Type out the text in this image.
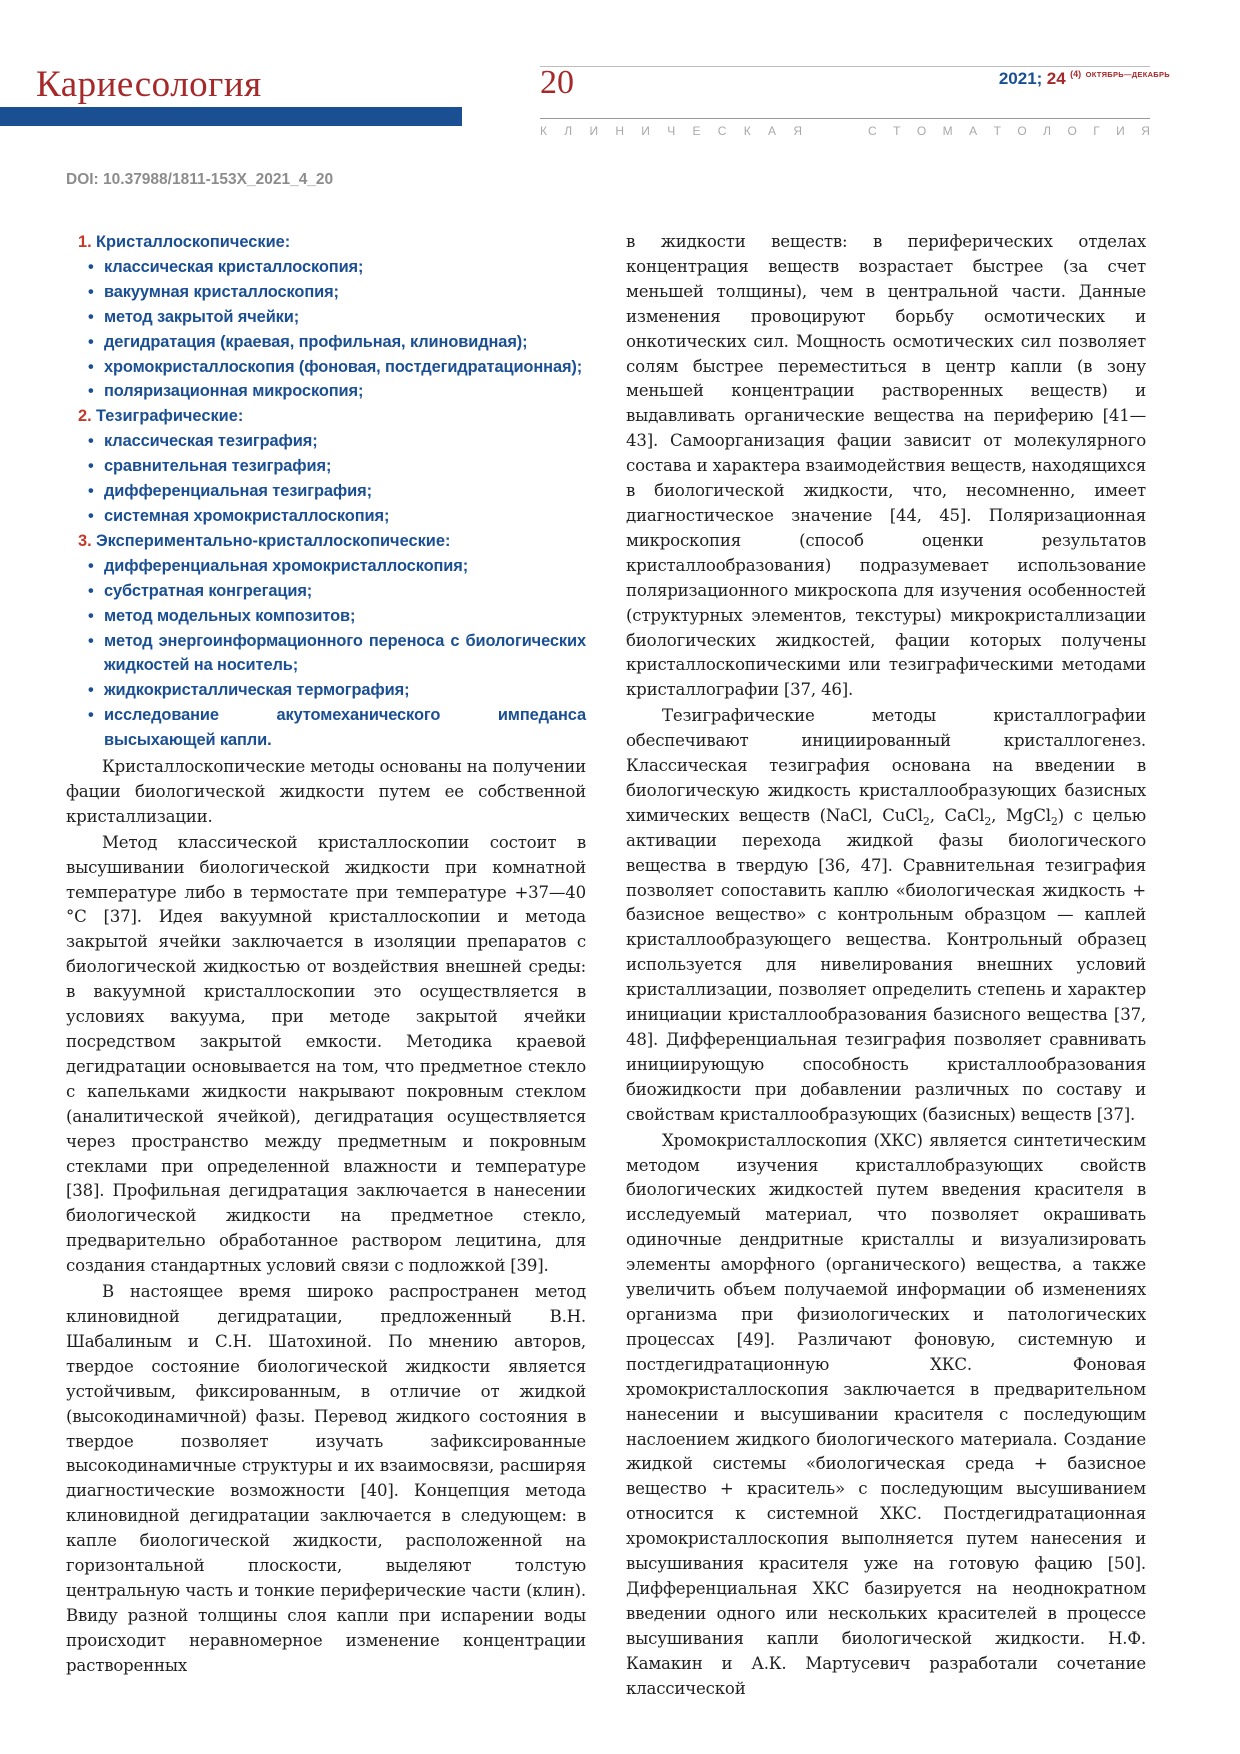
Кариесология	20	2021; 24 $^{(4)}$ $^{ОКТЯБРЬ—ДЕКАБРЬ}$
К Л И Н И Ч Е С К А Я	С Т О М А Т О Л О Г И Я
DOI: 10.37988/1811-153X_2021_4_20
1. Кристаллоскопические:
• классическая кристаллоскопия;
• вакуумная кристаллоскопия;
• метод закрытой ячейки;
• дегидратация (краевая, профильная, клиновидная);
• хромокристаллоскопия (фоновая, постдегидратационная);
• поляризационная микроскопия;
2. Тезиграфические:
• классическая тезиграфия;
• сравнительная тезиграфия;
• дифференциальная тезиграфия;
• системная хромокристаллоскопия;
3. Экспериментально-кристаллоскопические:
• дифференциальная хромокристаллоскопия;
• субстратная конгрегация;
• метод модельных композитов;
• метод энергоинформационного переноса с биологических жидкостей на носитель;
• жидкокристаллическая термография;
• исследование акутомеханического импеданса высыхающей капли.

Кристаллоскопические методы основаны на получении фации биологической жидкости путем ее собственной кристаллизации.

Метод классической кристаллоскопии состоит в высушивании биологической жидкости при комнатной температуре либо в термостате при температуре +37—40 °C [37]. Идея вакуумной кристаллоскопии и метода закрытой ячейки заключается в изоляции препаратов с биологической жидкостью от воздействия внешней среды: в вакуумной кристаллоскопии это осуществляется в условиях вакуума, при методе закрытой ячейки посредством закрытой емкости. Методика краевой дегидратации основывается на том, что предметное стекло с капельками жидкости накрывают покровным стеклом (аналитической ячейкой), дегидратация осуществляется через пространство между предметным и покровным стеклами при определенной влажности и температуре [38]. Профильная дегидратация заключается в нанесении биологической жидкости на предметное стекло, предварительно обработанное раствором лецитина, для создания стандартных условий связи с подложкой [39].

В настоящее время широко распространен метод клиновидной дегидратации, предложенный В.Н. Шабалиным и С.Н. Шатохиной. По мнению авторов, твердое состояние биологической жидкости является устойчивым, фиксированным, в отличие от жидкой (высокодинамичной) фазы. Перевод жидкого состояния в твердое позволяет изучать зафиксированные высокодинамичные структуры и их взаимосвязи, расширяя диагностические возможности [40]. Концепция метода клиновидной дегидратации заключается в следующем: в капле биологической жидкости, расположенной на горизонтальной плоскости, выделяют толстую центральную часть и тонкие периферические части (клин). Ввиду разной толщины слоя капли при испарении воды происходит неравномерное изменение концентрации растворенных

в жидкости веществ: в периферических отделах концентрация веществ возрастает быстрее (за счет меньшей толщины), чем в центральной части. Данные изменения провоцируют борьбу осмотических и онкотических сил. Мощность осмотических сил позволяет солям быстрее переместиться в центр капли (в зону меньшей концентрации растворенных веществ) и выдавливать органические вещества на периферию [41—43]. Самоорганизация фации зависит от молекулярного состава и характера взаимодействия веществ, находящихся в биологической жидкости, что, несомненно, имеет диагностическое значение [44, 45]. Поляризационная микроскопия (способ оценки результатов кристаллообразования) подразумевает использование поляризационного микроскопа для изучения особенностей (структурных элементов, текстуры) микрокристаллизации биологических жидкостей, фации которых получены кристаллоскопическими или тезиграфическими методами кристаллографии [37, 46].

Тезиграфические методы кристаллографии обеспечивают инициированный кристаллогенез. Классическая тезиграфия основана на введении в биологическую жидкость кристаллообразующих базисных химических веществ (NaCl, CuCl$_2$, CaCl$_2$, MgCl$_2$) с целью активации перехода жидкой фазы биологического вещества в твердую [36, 47]. Сравнительная тезиграфия позволяет сопоставить каплю «биологическая жидкость + базисное вещество» с контрольным образцом — каплей кристаллообразующего вещества. Контрольный образец используется для нивелирования внешних условий кристаллизации, позволяет определить степень и характер инициации кристаллообразования базисного вещества [37, 48]. Дифференциальная тезиграфия позволяет сравнивать инициирующую способность кристаллообразования биожидкости при добавлении различных по составу и свойствам кристаллообразующих (базисных) веществ [37].

Хромокристаллоскопия (ХКС) является синтетическим методом изучения кристаллобразующих свойств биологических жидкостей путем введения красителя в исследуемый материал, что позволяет окрашивать одиночные дендритные кристаллы и визуализировать элементы аморфного (органического) вещества, а также увеличить объем получаемой информации об изменениях организма при физиологических и патологических процессах [49]. Различают фоновую, системную и постдегидратационную ХКС. Фоновая хромокристаллоскопия заключается в предварительном нанесении и высушивании красителя с последующим наслоением жидкого биологического материала. Создание жидкой системы «биологическая среда + базисное вещество + краситель» с последующим высушиванием относится к системной ХКС. Постдегидратационная хромокристаллоскопия выполняется путем нанесения и высушивания красителя уже на готовую фацию [50]. Дифференциальная ХКС базируется на неоднократном введении одного или нескольких красителей в процессе высушивания капли биологической жидкости. Н.Ф. Камакин и А.К. Мартусевич разработали сочетание классической
